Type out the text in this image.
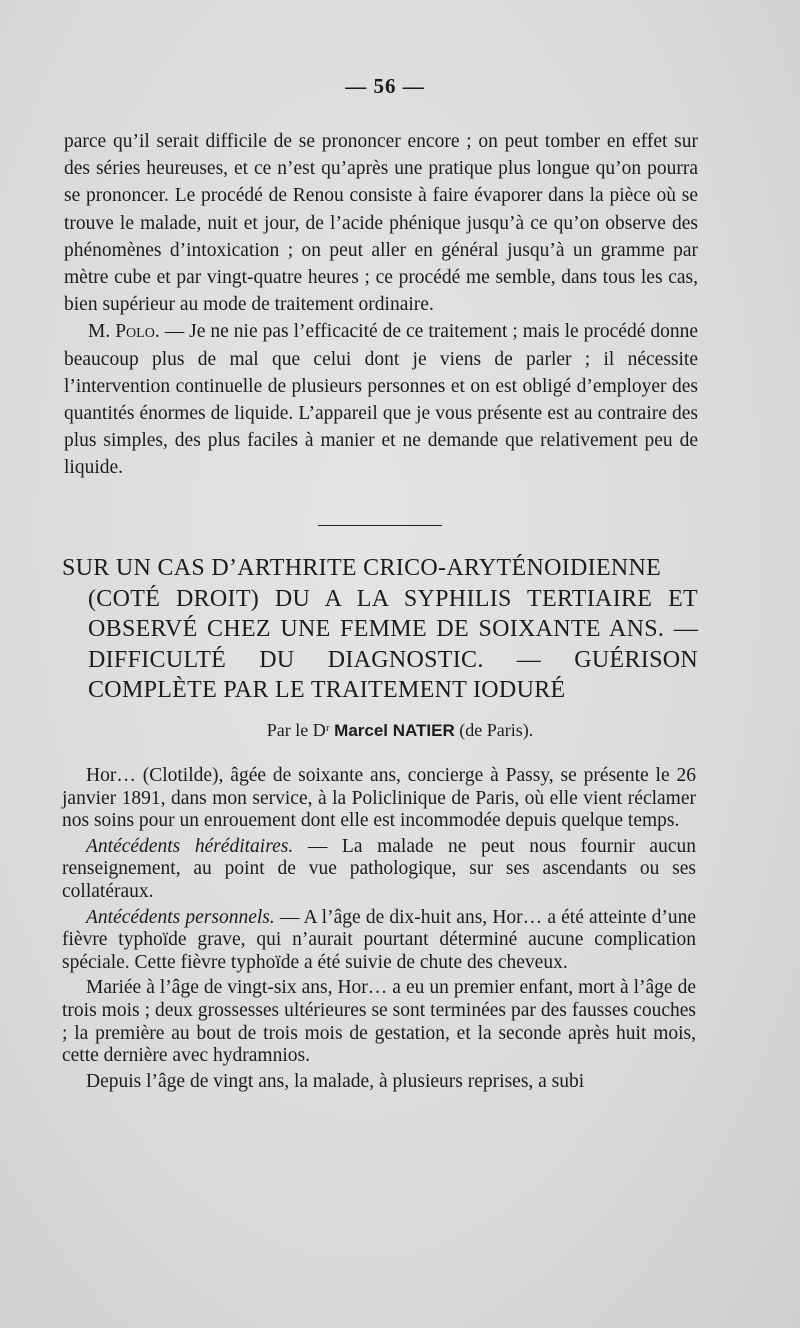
— 56 —

parce qu’il serait difficile de se prononcer encore ; on peut tomber en effet sur des séries heureuses, et ce n’est qu’après une pratique plus longue qu’on pourra se prononcer. Le procédé de Renou consiste à faire évaporer dans la pièce où se trouve le malade, nuit et jour, de l’acide phénique jusqu’à ce qu’on observe des phénomènes d’intoxication ; on peut aller en général jusqu’à un gramme par mètre cube et par vingt-quatre heures ; ce procédé me semble, dans tous les cas, bien supérieur au mode de traitement ordinaire.

M. Polo. — Je ne nie pas l’efficacité de ce traitement ; mais le procédé donne beaucoup plus de mal que celui dont je viens de parler ; il nécessite l’intervention continuelle de plusieurs personnes et on est obligé d’employer des quantités énormes de liquide. L’appareil que je vous présente est au contraire des plus simples, des plus faciles à manier et ne demande que relativement peu de liquide.

SUR UN CAS D’ARTHRITE CRICO-ARYTÉNOIDIENNE
(COTÉ DROIT) DU A LA SYPHILIS TERTIAIRE ET OBSERVÉ CHEZ UNE FEMME DE SOIXANTE ANS. — DIFFICULTÉ DU DIAGNOSTIC. — GUÉRISON COMPLÈTE PAR LE TRAITEMENT IODURÉ
Par le Dʳ Marcel NATIER (de Paris).

Hor… (Clotilde), âgée de soixante ans, concierge à Passy, se présente le 26 janvier 1891, dans mon service, à la Policlinique de Paris, où elle vient réclamer nos soins pour un enrouement dont elle est incommodée depuis quelque temps.

Antécédents héréditaires. — La malade ne peut nous fournir aucun renseignement, au point de vue pathologique, sur ses ascendants ou ses collatéraux.

Antécédents personnels. — A l’âge de dix-huit ans, Hor… a été atteinte d’une fièvre typhoïde grave, qui n’aurait pourtant déterminé aucune complication spéciale. Cette fièvre typhoïde a été suivie de chute des cheveux.

Mariée à l’âge de vingt-six ans, Hor… a eu un premier enfant, mort à l’âge de trois mois ; deux grossesses ultérieures se sont terminées par des fausses couches ; la première au bout de trois mois de gestation, et la seconde après huit mois, cette dernière avec hydramnios.

Depuis l’âge de vingt ans, la malade, à plusieurs reprises, a subi
